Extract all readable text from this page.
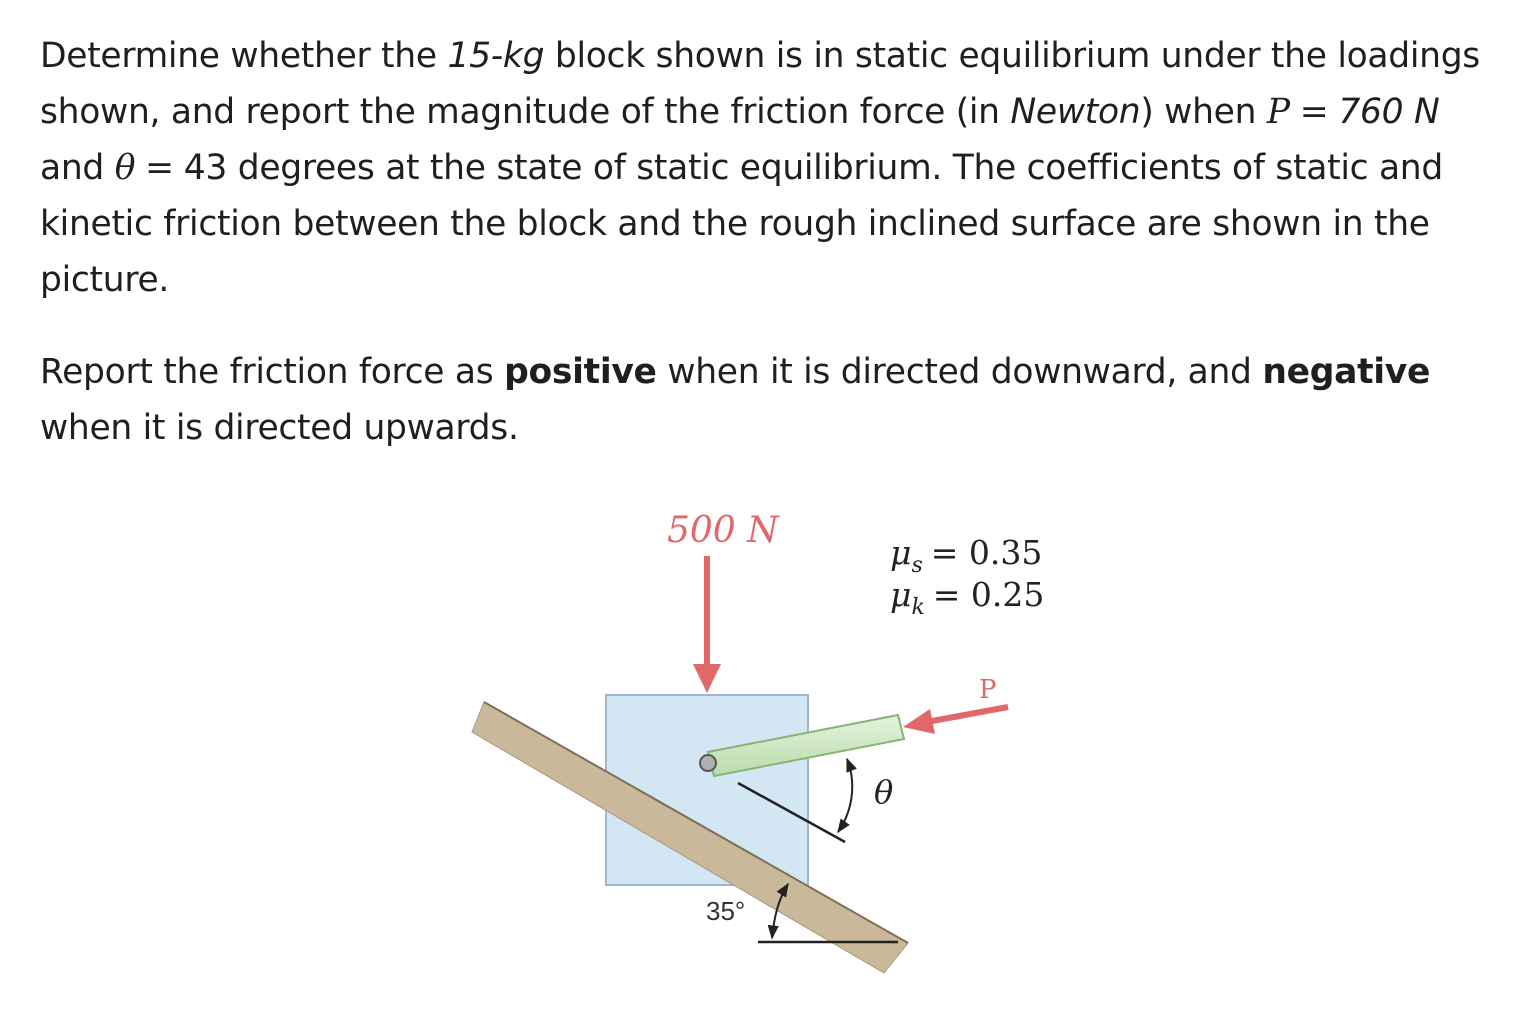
Determine whether the 15-kg block shown is in static equilibrium under the loadings shown, and report the magnitude of the friction force (in Newton) when P = 760 N and θ = 43 degrees at the state of static equilibrium. The coefficients of static and kinetic friction between the block and the rough inclined surface are shown in the picture.

Report the friction force as positive when it is directed downward, and negative when it is directed upwards.

500 N
$\mu_s = 0.35$
$\mu_k = 0.25$
P
θ
35°
